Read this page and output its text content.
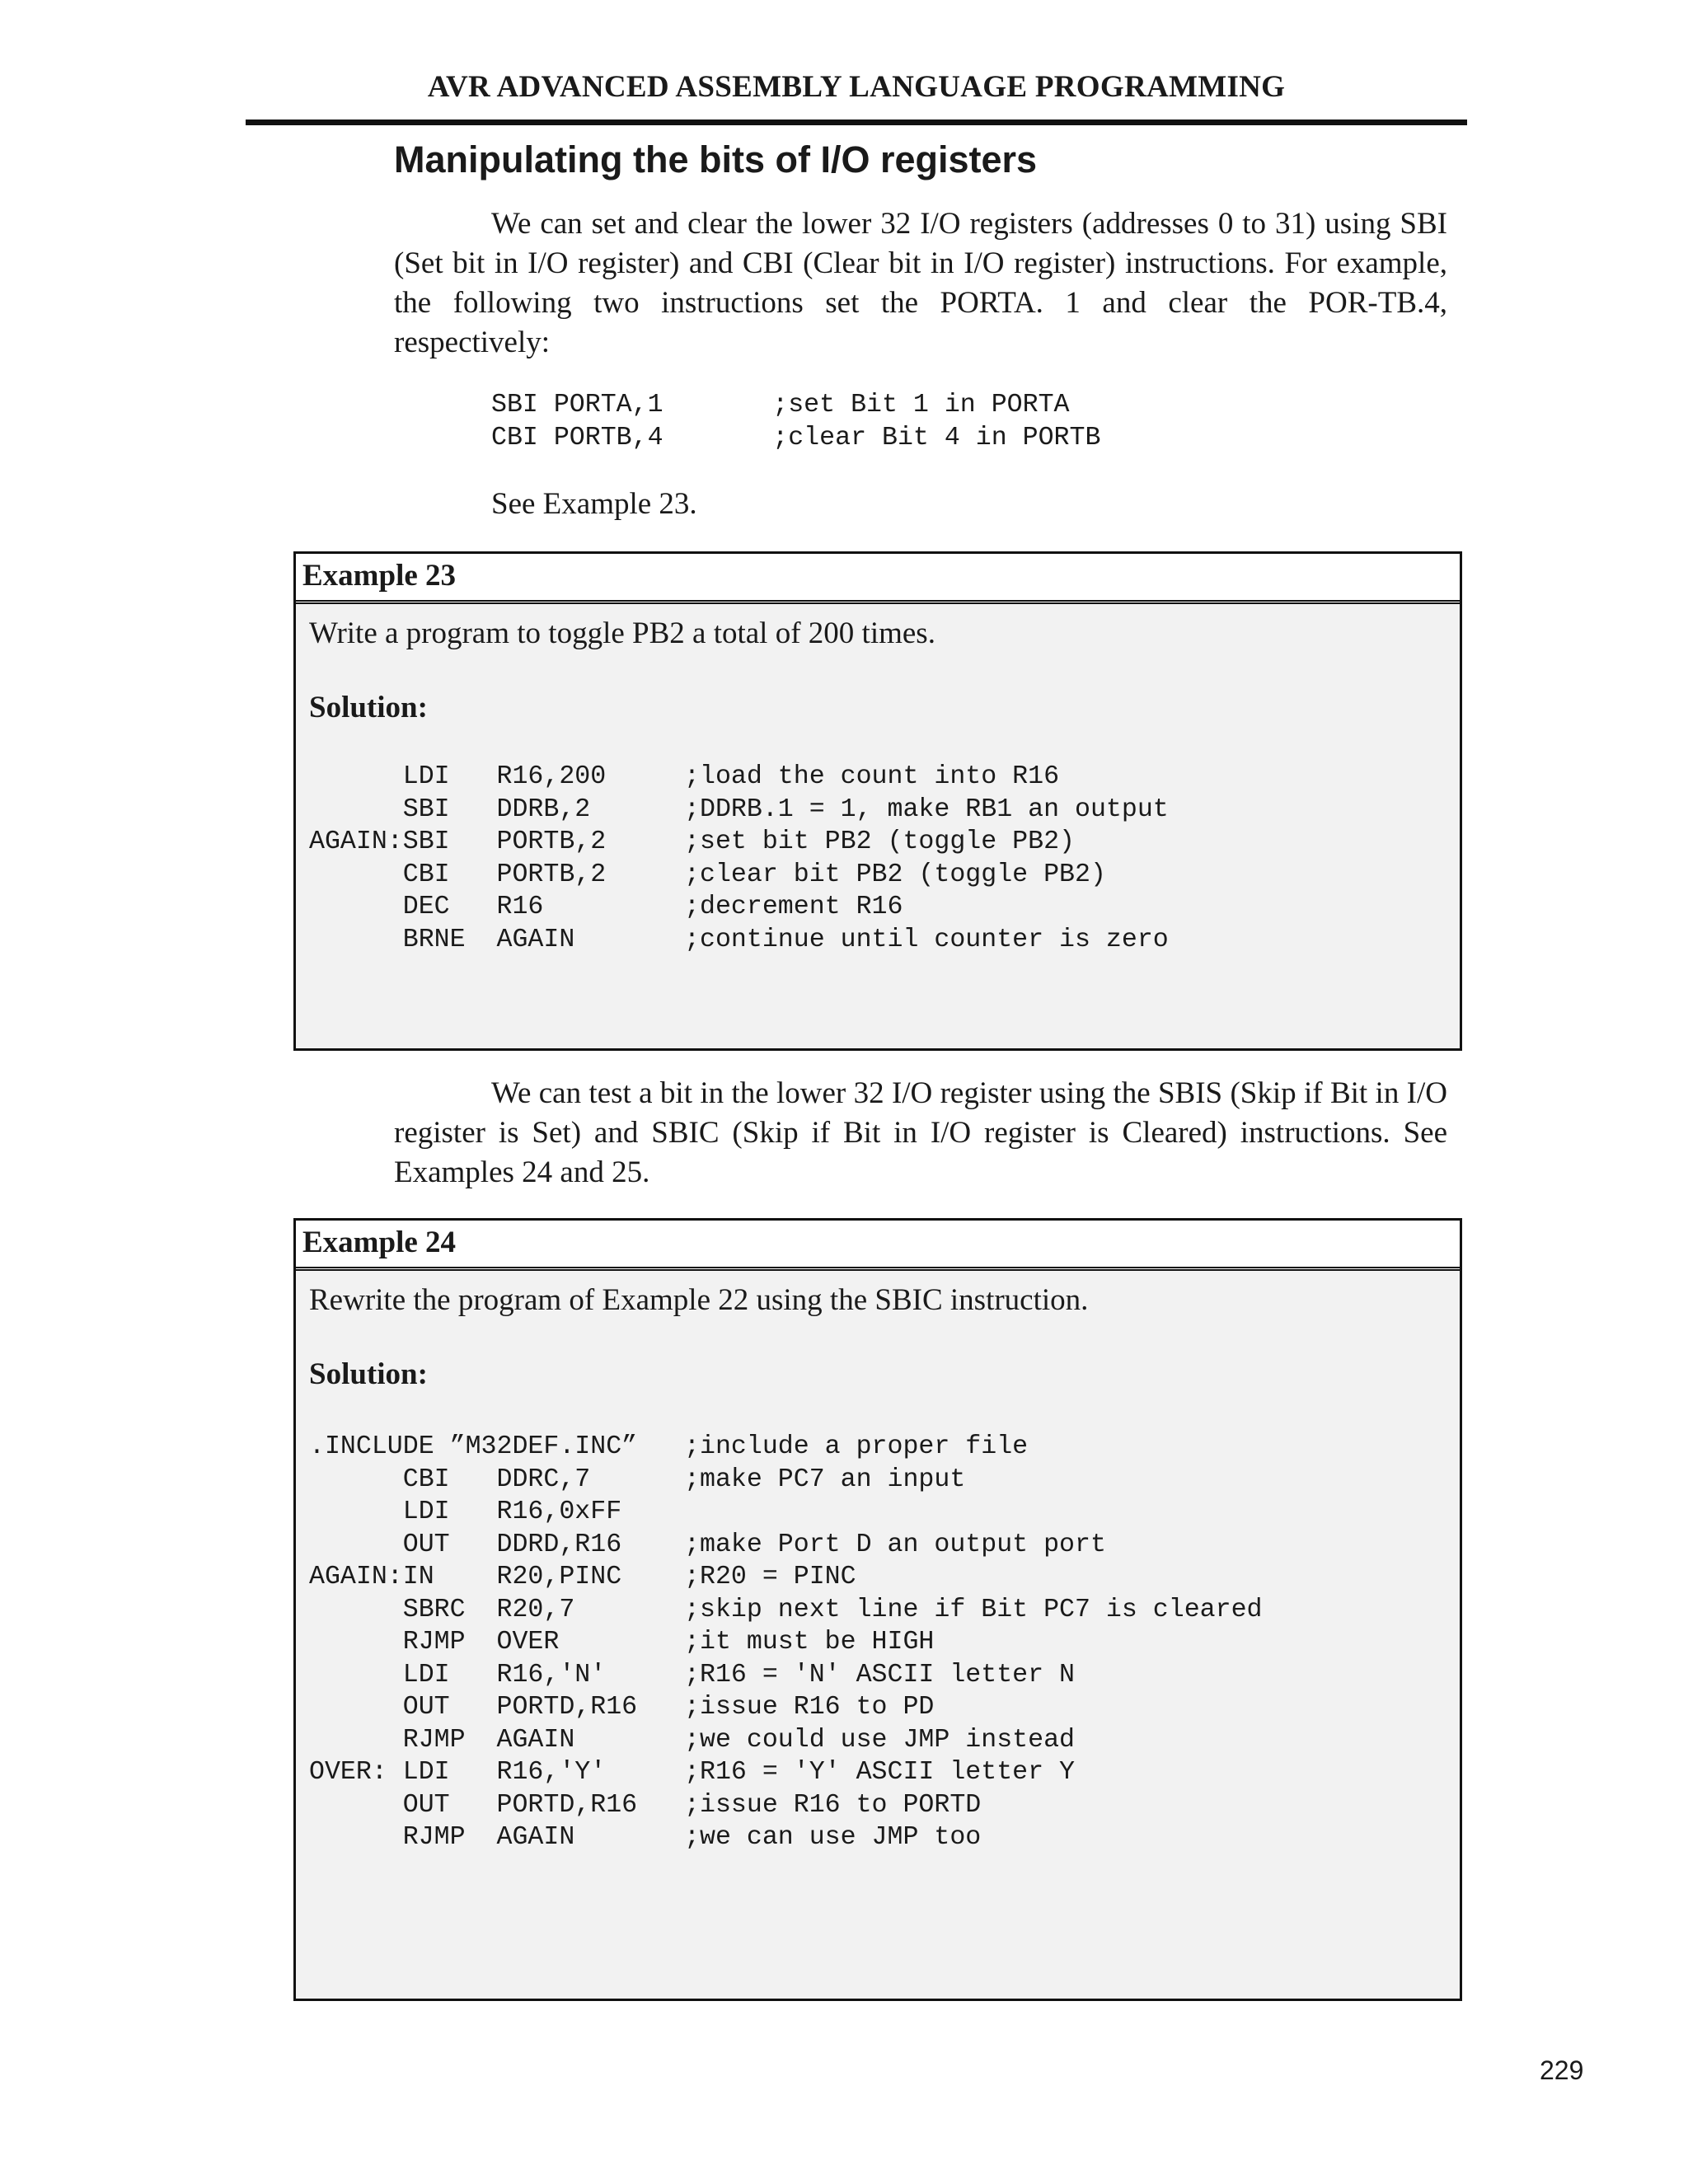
AVR ADVANCED ASSEMBLY LANGUAGE PROGRAMMING
Manipulating the bits of I/O registers

We can set and clear the lower 32 I/O registers (addresses 0 to 31) using SBI (Set bit in I/O register) and CBI (Clear bit in I/O register) instructions. For example, the following two instructions set the PORTA. 1 and clear the POR-TB.4, respectively:

SBI PORTA,1       ;set Bit 1 in PORTA
CBI PORTB,4       ;clear Bit 4 in PORTB
See Example 23.
Example 23

Write a program to toggle PB2 a total of 200 times.

Solution:
LDI   R16,200     ;load the count into R16
SBI   DDRB,2      ;DDRB.1 = 1, make RB1 an output
AGAIN:SBI   PORTB,2     ;set bit PB2 (toggle PB2)
CBI   PORTB,2     ;clear bit PB2 (toggle PB2)
DEC   R16         ;decrement R16
BRNE  AGAIN       ;continue until counter is zero

We can test a bit in the lower 32 I/O register using the SBIS (Skip if Bit in I/O register is Set) and SBIC (Skip if Bit in I/O register is Cleared) instructions. See Examples 24 and 25.

Example 24

Rewrite the program of Example 22 using the SBIC instruction.

Solution:
.INCLUDE ”M32DEF.INC”   ;include a proper file
CBI   DDRC,7      ;make PC7 an input
LDI   R16,0xFF
OUT   DDRD,R16    ;make Port D an output port
AGAIN:IN    R20,PINC    ;R20 = PINC
SBRC  R20,7       ;skip next line if Bit PC7 is cleared
RJMP  OVER        ;it must be HIGH
LDI   R16,'N'     ;R16 = 'N' ASCII letter N
OUT   PORTD,R16   ;issue R16 to PD
RJMP  AGAIN       ;we could use JMP instead
OVER: LDI   R16,'Y'     ;R16 = 'Y' ASCII letter Y
OUT   PORTD,R16   ;issue R16 to PORTD
RJMP  AGAIN       ;we can use JMP too
229
